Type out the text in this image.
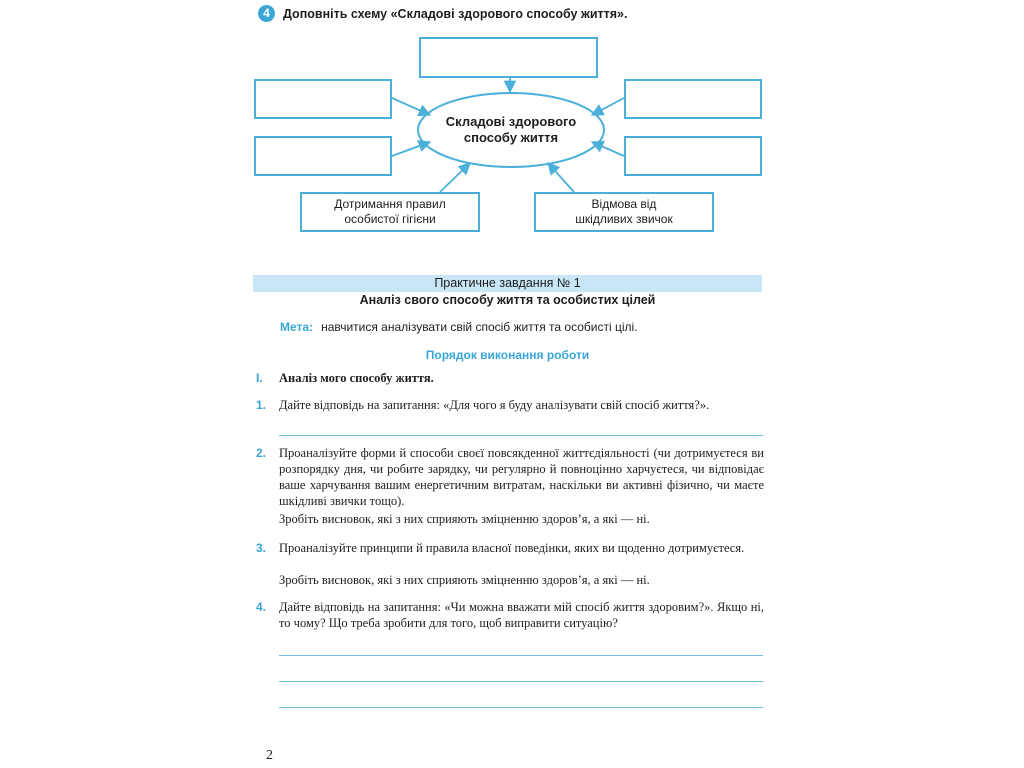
4	Доповніть схему «Складові здорового способу життя».
Складові здорового способу життя
Дотримання правил особистої гігієни
Відмова від шкідливих звичок
Практичне завдання № 1
Аналіз свого способу життя та особистих цілей
Мета: навчитися аналізувати свій спосіб життя та особисті цілі.
Порядок виконання роботи
I. Аналіз мого способу життя.
1. Дайте відповідь на запитання: «Для чого я буду аналізувати свій спосіб життя?».
2. Проаналізуйте форми й способи своєї повсякденної життєдіяльності (чи дотримуєтеся ви розпорядку дня, чи робите зарядку, чи регулярно й повноцінно харчуєтеся, чи відповідає ваше харчування вашим енергетичним витратам, наскільки ви активні фізично, чи маєте шкідливі звички тощо).
Зробіть висновок, які з них сприяють зміцненню здоров’я, а які — ні.
3. Проаналізуйте принципи й правила власної поведінки, яких ви щоденно дотримуєтеся.
Зробіть висновок, які з них сприяють зміцненню здоров’я, а які — ні.
4. Дайте відповідь на запитання: «Чи можна вважати мій спосіб життя здоровим?». Якщо ні, то чому? Що треба зробити для того, щоб виправити ситуацію?
2
